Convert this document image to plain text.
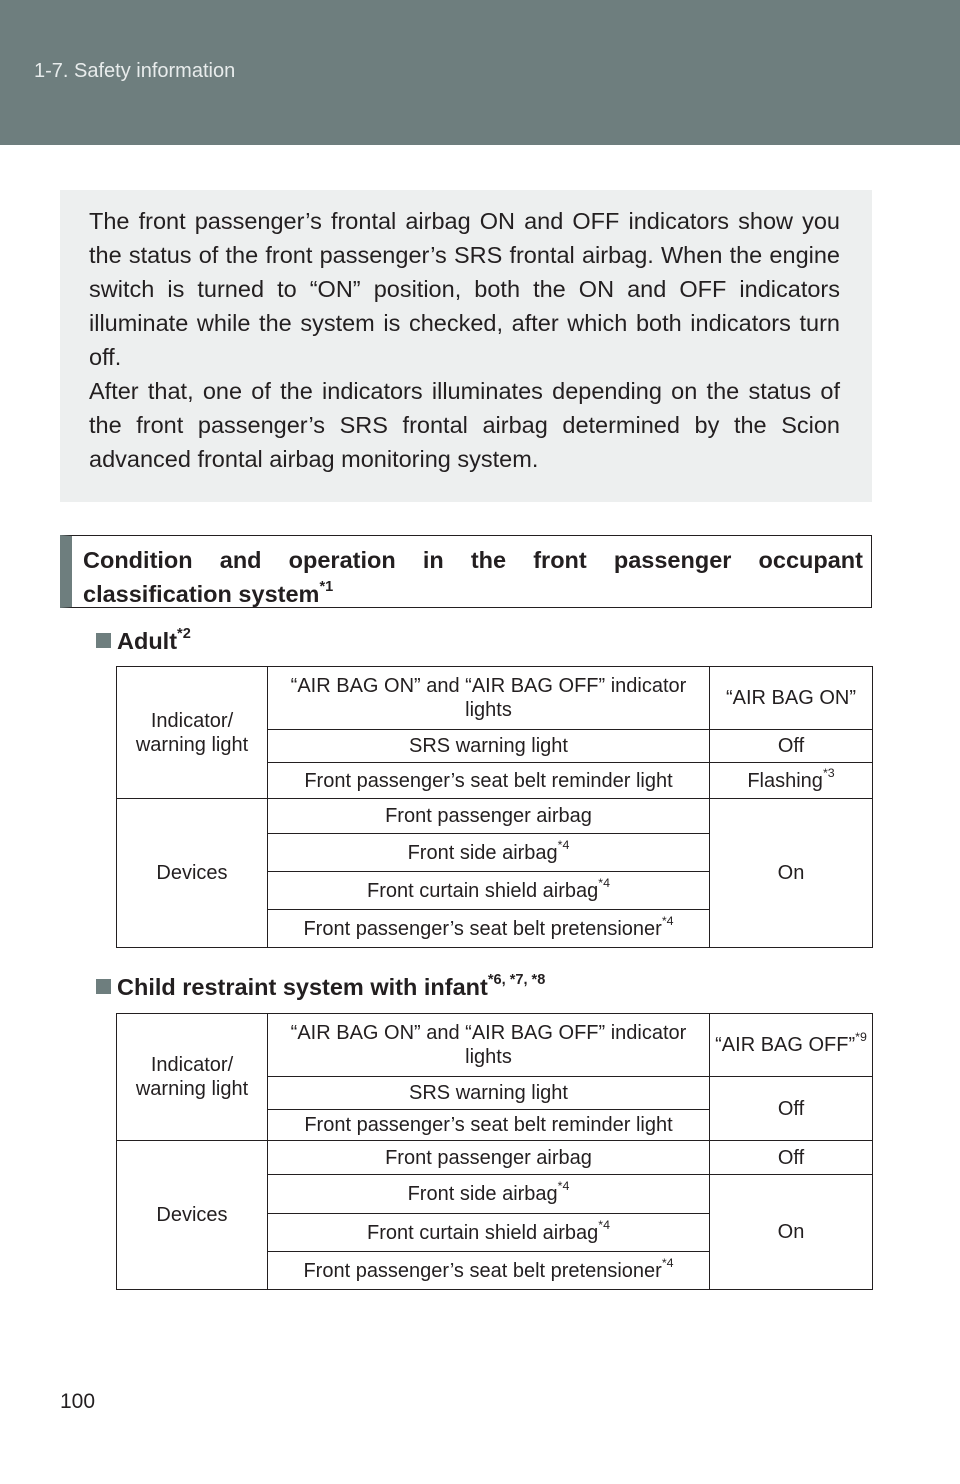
1-7. Safety information

The front passenger’s frontal airbag ON and OFF indicators show you the status of the front passenger’s SRS frontal airbag. When the engine switch is turned to “ON” position, both the ON and OFF indicators illuminate while the system is checked, after which both indicators turn off.

After that, one of the indicators illuminates depending on the status of the front passenger’s SRS frontal airbag determined by the Scion advanced frontal airbag monitoring system.

Condition and operation in the front passenger occupant classification system$^{*1}$
Adult$^{*2}$
Indicator/ warning light	“AIR BAG ON” and “AIR BAG OFF” indicator lights	“AIR BAG ON”
	SRS warning light	Off
	Front passenger’s seat belt reminder light	Flashing$^{*3}$
Devices	Front passenger airbag	On
	Front side airbag$^{*4}$
	Front curtain shield airbag$^{*4}$
	Front passenger’s seat belt pretensioner$^{*4}$
Child restraint system with infant$^{*6, *7, *8}$
Indicator/ warning light	“AIR BAG ON” and “AIR BAG OFF” indicator lights	“AIR BAG OFF”$^{*9}$
	SRS warning light	Off
	Front passenger’s seat belt reminder light	
Devices	Front passenger airbag	Off
	Front side airbag$^{*4}$	On
	Front curtain shield airbag$^{*4}$
	Front passenger’s seat belt pretensioner$^{*4}$
100
